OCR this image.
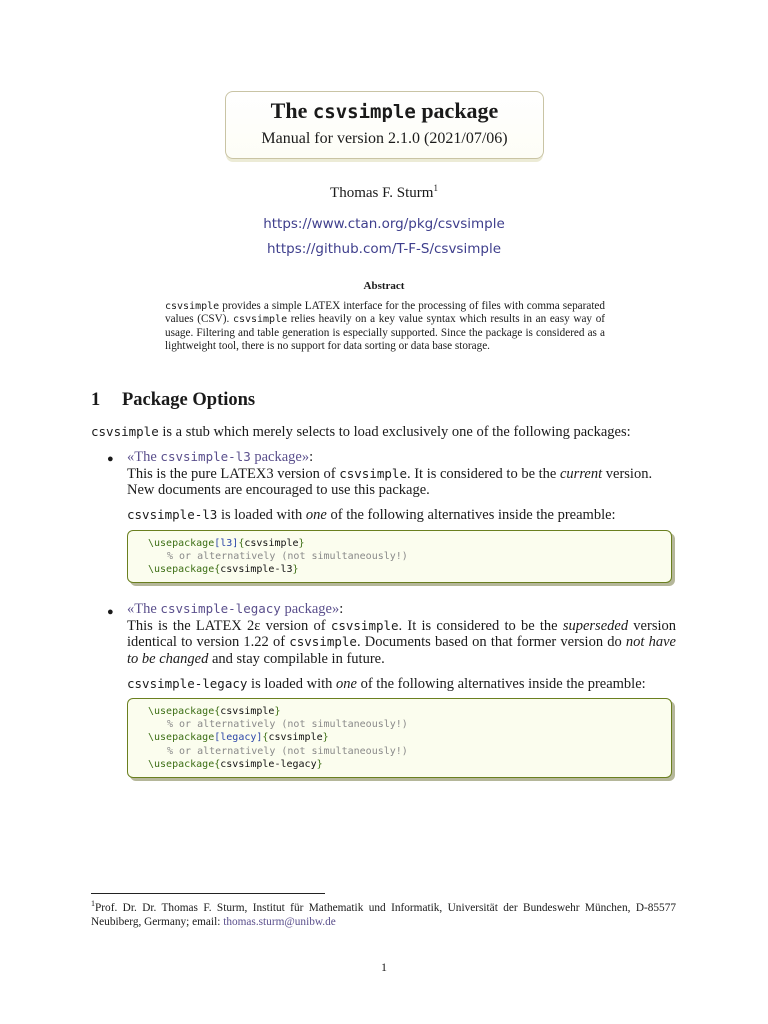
The csvsimple package
Manual for version 2.1.0 (2021/07/06)
Thomas F. Sturm$^1$
https://www.ctan.org/pkg/csvsimple
https://github.com/T-F-S/csvsimple
Abstract
csvsimple provides a simple LATEX interface for the processing of files with comma separated values (CSV). csvsimple relies heavily on a key value syntax which results in an easy way of usage. Filtering and table generation is especially supported. Since the package is considered as a lightweight tool, there is no support for data sorting or data base storage.
1 Package Options
csvsimple is a stub which merely selects to load exclusively one of the following packages:
● «The csvsimple-l3 package»:
This is the pure LATEX3 version of csvsimple. It is considered to be the current version. New documents are encouraged to use this package.
csvsimple-l3 is loaded with one of the following alternatives inside the preamble:
\usepackage[l3]{csvsimple}
% or alternatively (not simultaneously!)
\usepackage{csvsimple-l3}
● «The csvsimple-legacy package»:
This is the LATEX 2ε version of csvsimple. It is considered to be the superseded version identical to version 1.22 of csvsimple. Documents based on that former version do not have to be changed and stay compilable in future.
csvsimple-legacy is loaded with one of the following alternatives inside the preamble:
\usepackage{csvsimple}
% or alternatively (not simultaneously!)
\usepackage[legacy]{csvsimple}
% or alternatively (not simultaneously!)
\usepackage{csvsimple-legacy}
$^1$Prof. Dr. Dr. Thomas F. Sturm, Institut für Mathematik und Informatik, Universität der Bundeswehr München, D-85577 Neubiberg, Germany; email: thomas.sturm@unibw.de
1
